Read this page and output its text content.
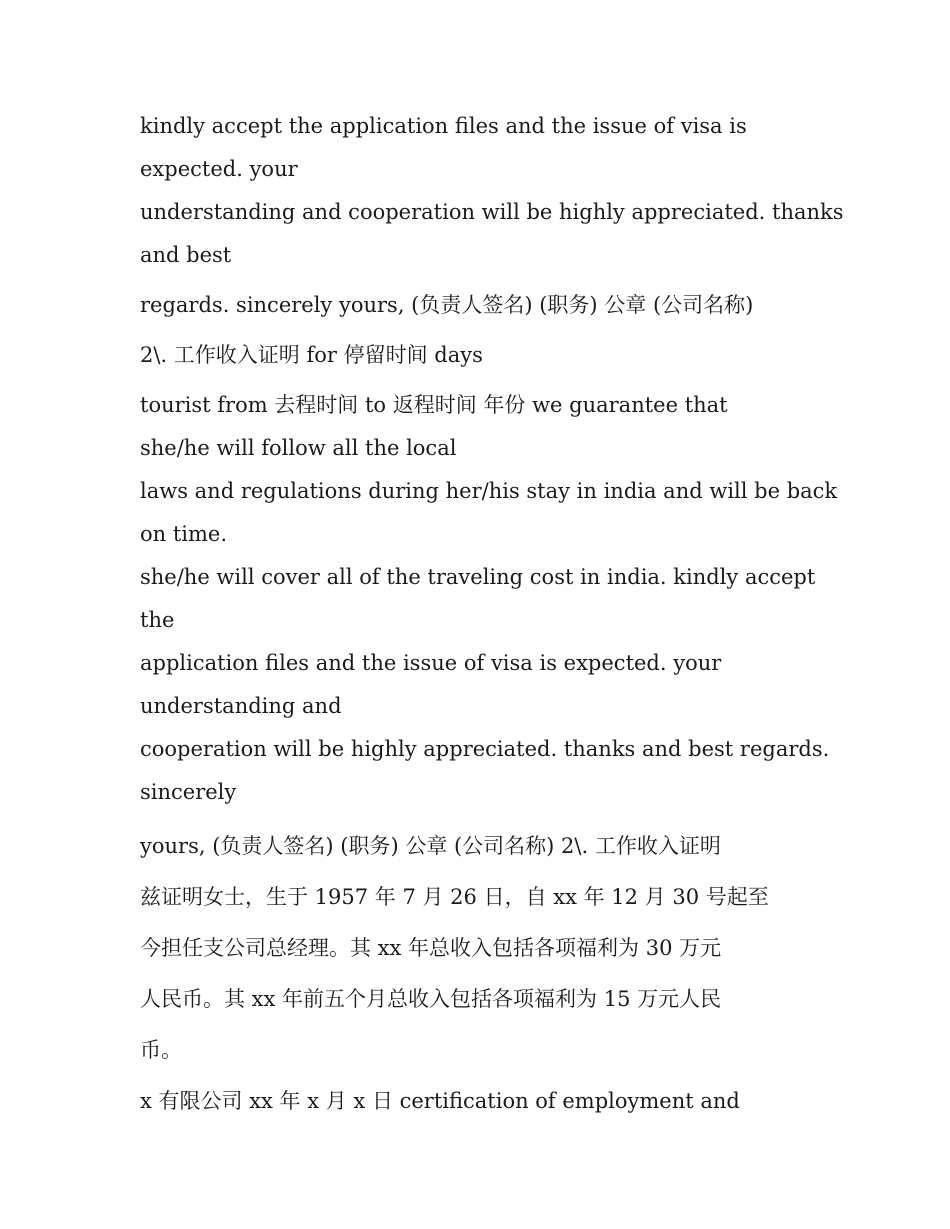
kindly accept the application files and the issue of visa is
expected. your

understanding and cooperation will be highly appreciated. thanks
and best

regards. sincerely yours, (负责人签名) (职务) 公章 (公司名称)

2\. 工作收入证明 for 停留时间 days

tourist from 去程时间 to 返程时间 年份 we guarantee that
she/he will follow all the local

laws and regulations during her/his stay in india and will be back
on time.

she/he will cover all of the traveling cost in india. kindly accept
the

application files and the issue of visa is expected. your
understanding and

cooperation will be highly appreciated. thanks and best regards.
sincerely

yours, (负责人签名) (职务) 公章 (公司名称) 2\. 工作收入证明
兹证明女士，生于 1957 年 7 月 26 日，自 xx 年 12 月 30 号起至
今担任支公司总经理。其 xx 年总收入包括各项福利为 30 万元
人民币。其 xx 年前五个月总收入包括各项福利为 15 万元人民
币。

x 有限公司 xx 年 x 月 x 日 certification of employment and
